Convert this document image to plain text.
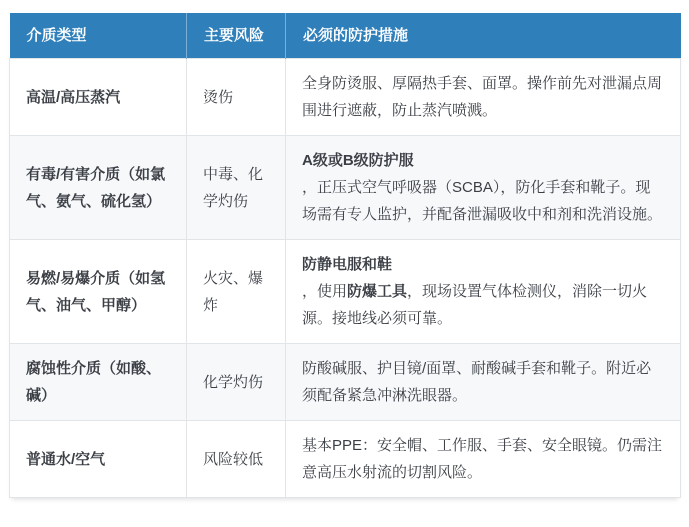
介质类型	主要风险	必须的防护措施
高温/高压蒸汽	烫伤	全身防烫服、厚隔热手套、面罩。操作前先对泄漏点周围进行遮蔽，防止蒸汽喷溅。
有毒/有害介质（如氯气、氨气、硫化氢）	中毒、化学灼伤	A级或B级防护服
，正压式空气呼吸器（SCBA），防化手套和靴子。现场需有专人监护，并配备泄漏吸收中和剂和洗消设施。
易燃/易爆介质（如氢气、油气、甲醇）	火灾、爆炸	防静电服和鞋
，使用防爆工具，现场设置气体检测仪，消除一切火源。接地线必须可靠。
腐蚀性介质（如酸、碱）	化学灼伤	防酸碱服、护目镜/面罩、耐酸碱手套和靴子。附近必须配备紧急冲淋洗眼器。
普通水/空气	风险较低	基本PPE：安全帽、工作服、手套、安全眼镜。仍需注意高压水射流的切割风险。
